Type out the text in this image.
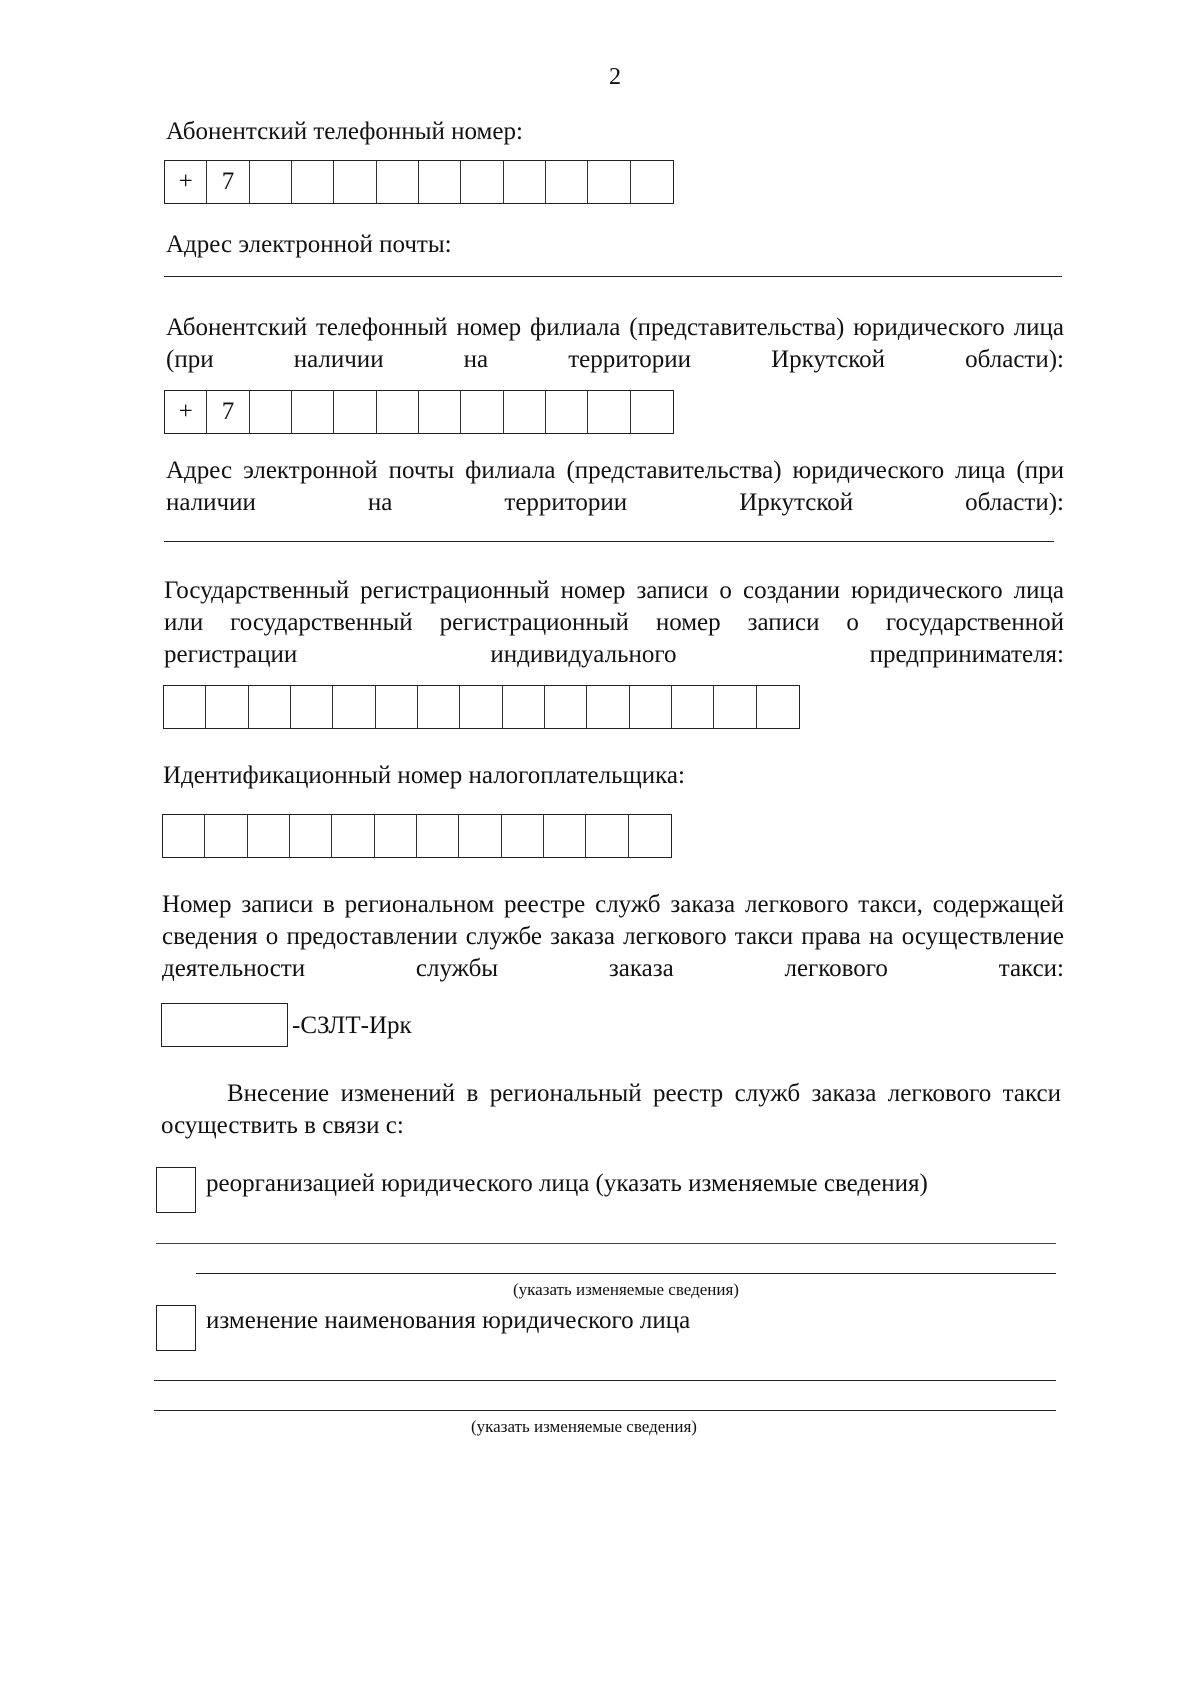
2
Абонентский телефонный номер:
+	7
Адрес электронной почты:
Абонентский телефонный номер филиала (представительства) юридического лица (при наличии на территории Иркутской области):
+	7
Адрес электронной почты филиала (представительства) юридического лица (при наличии на территории Иркутской области):
Государственный регистрационный номер записи о создании юридического лица или государственный регистрационный номер записи о государственной регистрации индивидуального предпринимателя:
Идентификационный номер налогоплательщика:
Номер записи в региональном реестре служб заказа легкового такси, содержащей сведения о предоставлении службе заказа легкового такси права на осуществление деятельности службы заказа легкового такси:
-СЗЛТ-Ирк
Внесение изменений в региональный реестр служб заказа легкового такси осуществить в связи с:
реорганизацией юридического лица (указать изменяемые сведения)
(указать изменяемые сведения)
изменение наименования юридического лица
(указать изменяемые сведения)
